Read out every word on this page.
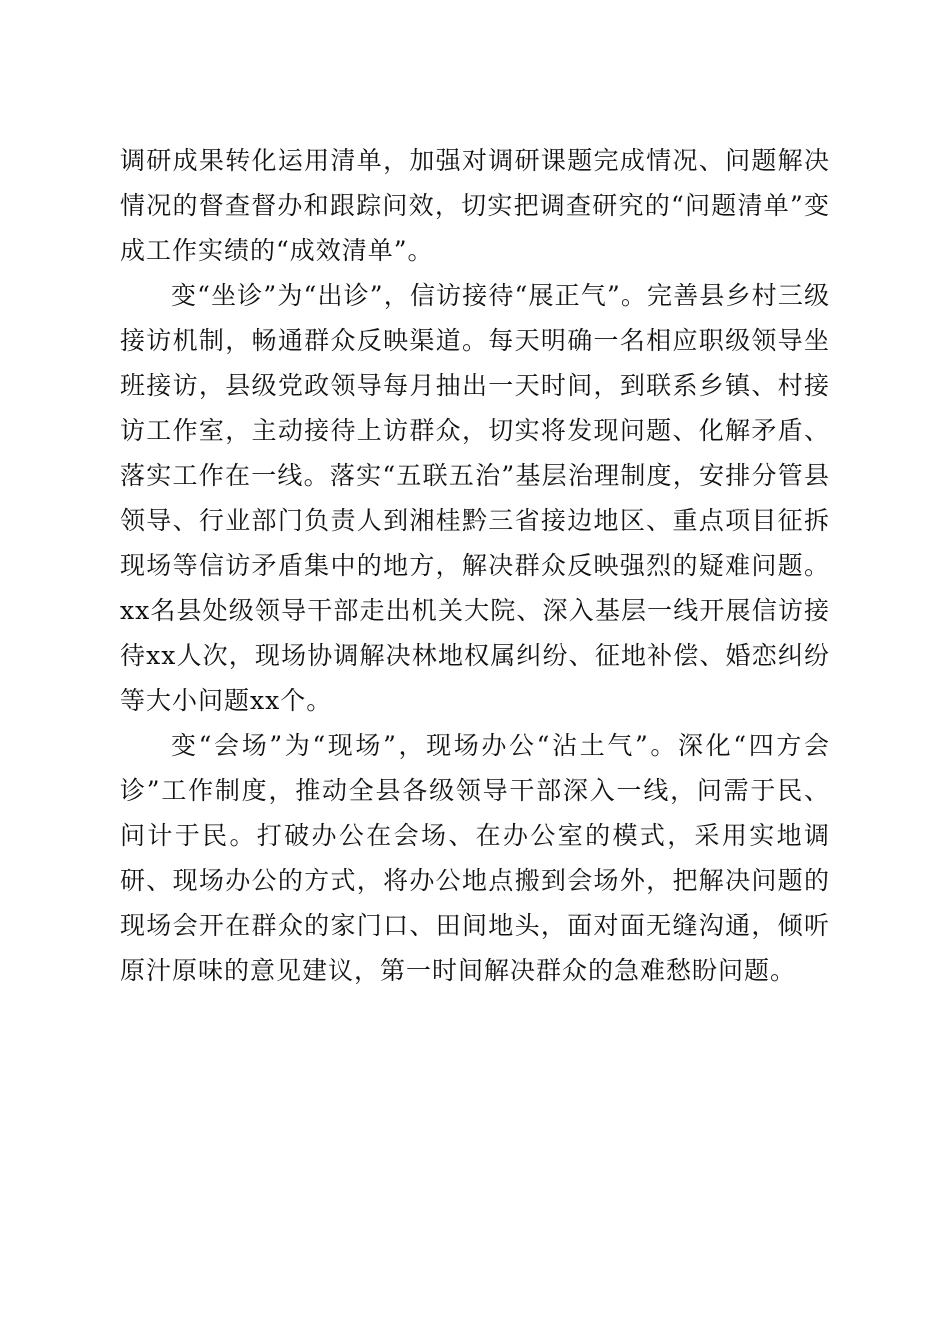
调研成果转化运用清单，加强对调研课题完成情况、问题解决情况的督查督办和跟踪问效，切实把调查研究的“问题清单”变成工作实绩的“成效清单”。

变“坐诊”为“出诊”，信访接待“展正气”。完善县乡村三级接访机制，畅通群众反映渠道。每天明确一名相应职级领导坐班接访，县级党政领导每月抽出一天时间，到联系乡镇、村接访工作室，主动接待上访群众，切实将发现问题、化解矛盾、落实工作在一线。落实“五联五治”基层治理制度，安排分管县领导、行业部门负责人到湘桂黔三省接边地区、重点项目征拆现场等信访矛盾集中的地方，解决群众反映强烈的疑难问题。xx名县处级领导干部走出机关大院、深入基层一线开展信访接待xx人次，现场协调解决林地权属纠纷、征地补偿、婚恋纠纷等大小问题xx个。

变“会场”为“现场”，现场办公“沾土气”。深化“四方会诊”工作制度，推动全县各级领导干部深入一线，问需于民、问计于民。打破办公在会场、在办公室的模式，采用实地调研、现场办公的方式，将办公地点搬到会场外，把解决问题的现场会开在群众的家门口、田间地头，面对面无缝沟通，倾听原汁原味的意见建议，第一时间解决群众的急难愁盼问题。
